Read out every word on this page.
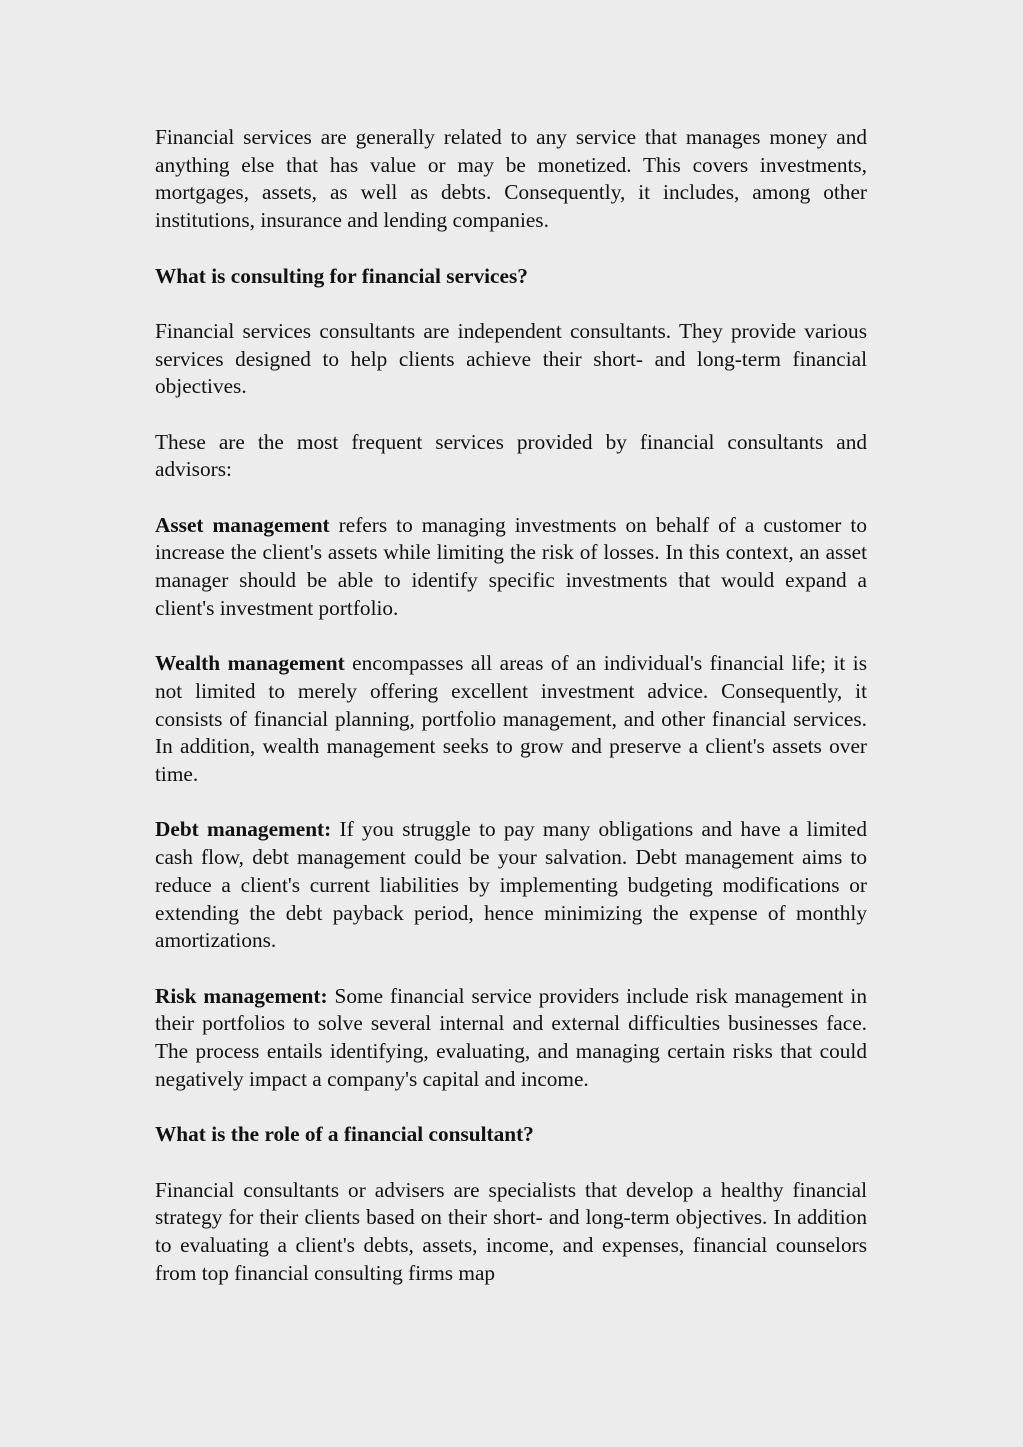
Financial services are generally related to any service that manages money and anything else that has value or may be monetized. This covers investments, mortgages, assets, as well as debts. Consequently, it includes, among other institutions, insurance and lending companies.

What is consulting for financial services?

Financial services consultants are independent consultants. They provide various services designed to help clients achieve their short- and long-term financial objectives.

These are the most frequent services provided by financial consultants and advisors:

Asset management refers to managing investments on behalf of a customer to increase the client's assets while limiting the risk of losses. In this context, an asset manager should be able to identify specific investments that would expand a client's investment portfolio.

Wealth management encompasses all areas of an individual's financial life; it is not limited to merely offering excellent investment advice. Consequently, it consists of financial planning, portfolio management, and other financial services. In addition, wealth management seeks to grow and preserve a client's assets over time.

Debt management: If you struggle to pay many obligations and have a limited cash flow, debt management could be your salvation. Debt management aims to reduce a client's current liabilities by implementing budgeting modifications or extending the debt payback period, hence minimizing the expense of monthly amortizations.

Risk management: Some financial service providers include risk management in their portfolios to solve several internal and external difficulties businesses face. The process entails identifying, evaluating, and managing certain risks that could negatively impact a company's capital and income.

What is the role of a financial consultant?

Financial consultants or advisers are specialists that develop a healthy financial strategy for their clients based on their short- and long-term objectives. In addition to evaluating a client's debts, assets, income, and expenses, financial counselors from top financial consulting firms map
